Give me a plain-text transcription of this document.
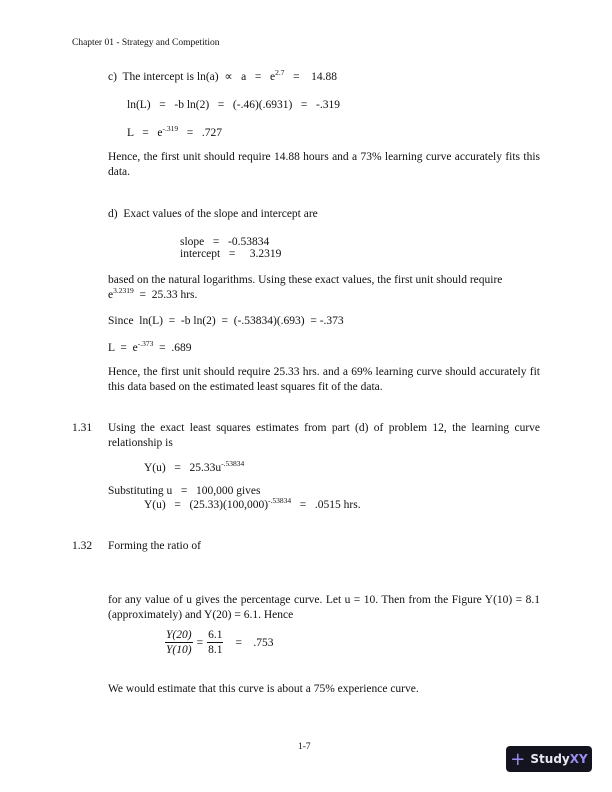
Chapter 01 - Strategy and Competition
c)  The intercept is $\ln(a) \propto a = e^{2.7}$   =    14.88
ln(L)   =   -b ln(2)   =   (-.46)(.6931)   =   -.319
$L = e^{-.319} = .727$
Hence, the first unit should require 14.88 hours and a 73% learning curve accurately fits this data.
d)  Exact values of the slope and intercept are
slope   =   -0.53834
intercept   =     3.2319
based on the natural logarithms. Using these exact values, the first unit should require
$e^{3.2319} = 25.33$ hrs.
Since  ln(L)  =  -b ln(2)  =  (-.53834)(.693)  = -.373
$L = e^{-.373} = .689$
Hence, the first unit should require 25.33 hrs. and a 69% learning curve should accurately fit this data based on the estimated least squares fit of the data.
1.31 Using the exact least squares estimates from part (d) of problem 12, the learning curve relationship is
$Y(u) = 25.33u^{-.53834}$
Substituting u   =   100,000 gives
$Y(u) = (25.33)(100,000)^{-.53834} = .0515$ hrs.
1.32 Forming the ratio of
for any value of u gives the percentage curve. Let u = 10. Then from the Figure Y(10) = 8.1 (approximately) and Y(20) = 6.1. Hence
$\frac{Y(20)}{Y(10)} = \frac{6.1}{8.1}$ =    .753
We would estimate that this curve is about a 75% experience curve.
1-7
+ StudyXY
